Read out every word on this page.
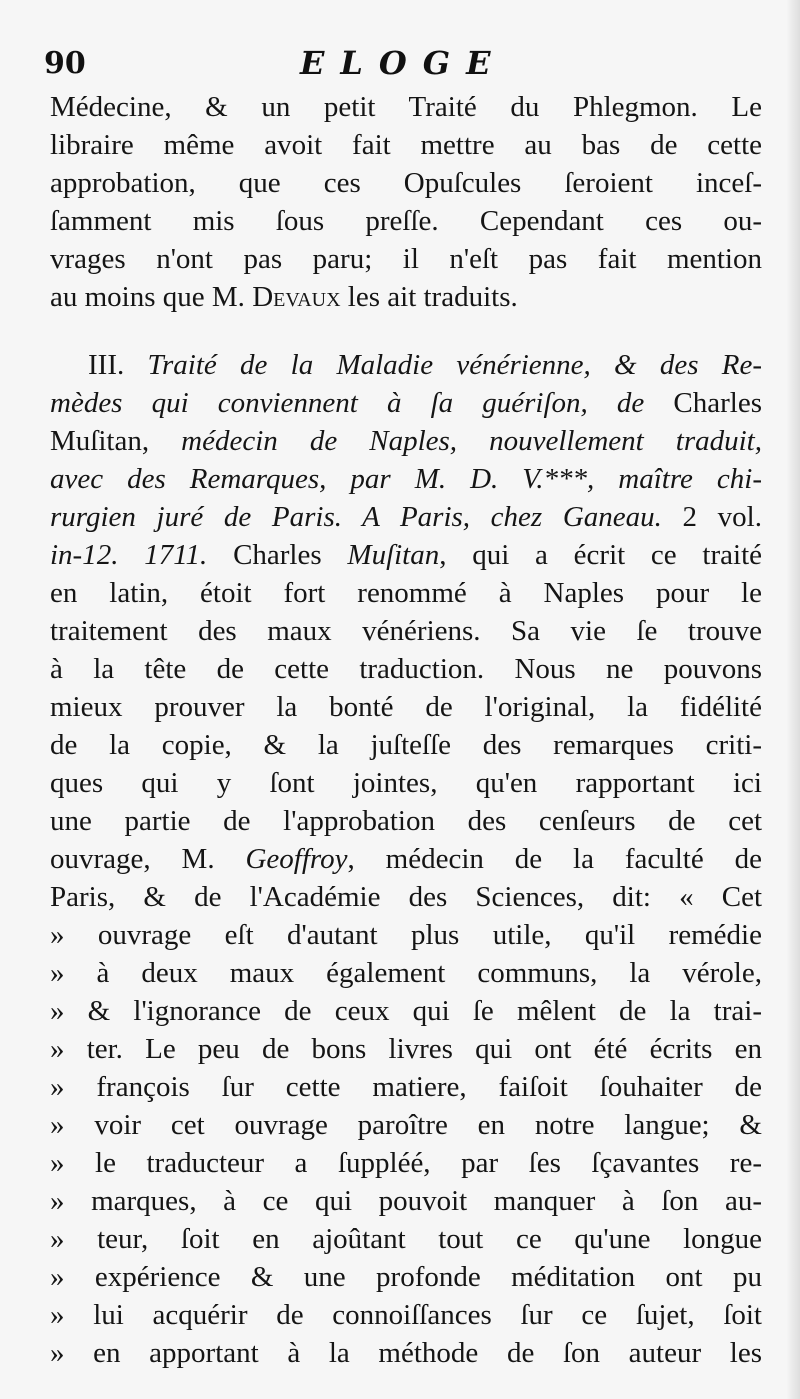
90	ELOGE
Médecine, & un petit Traité du Phlegmon. Le
libraire même avoit fait mettre au bas de cette
approbation, que ces Opuſcules ſeroient inceſ-
ſamment mis ſous preſſe. Cependant ces ou-
vrages n'ont pas paru; il n'eſt pas fait mention
au moins que M. Devaux les ait traduits.
III. Traité de la Maladie vénérienne, & des Re-
mèdes qui conviennent à ſa guériſon, de Charles
Muſitan, médecin de Naples, nouvellement traduit,
avec des Remarques, par M. D. V.***, maître chi-
rurgien juré de Paris. A Paris, chez Ganeau. 2 vol.
in-12. 1711. Charles Muſitan, qui a écrit ce traité
en latin, étoit fort renommé à Naples pour le
traitement des maux vénériens. Sa vie ſe trouve
à la tête de cette traduction. Nous ne pouvons
mieux prouver la bonté de l'original, la fidélité
de la copie, & la juſteſſe des remarques criti-
ques qui y ſont jointes, qu'en rapportant ici
une partie de l'approbation des cenſeurs de cet
ouvrage, M. Geoffroy, médecin de la faculté de
Paris, & de l'Académie des Sciences, dit: « Cet
» ouvrage eſt d'autant plus utile, qu'il remédie
» à deux maux également communs, la vérole,
» & l'ignorance de ceux qui ſe mêlent de la trai-
» ter. Le peu de bons livres qui ont été écrits en
» françois ſur cette matiere, faiſoit ſouhaiter de
» voir cet ouvrage paroître en notre langue; &
» le traducteur a ſuppléé, par ſes ſçavantes re-
» marques, à ce qui pouvoit manquer à ſon au-
» teur, ſoit en ajoûtant tout ce qu'une longue
» expérience & une profonde méditation ont pu
» lui acquérir de connoiſſances ſur ce ſujet, ſoit
» en apportant à la méthode de ſon auteur les
